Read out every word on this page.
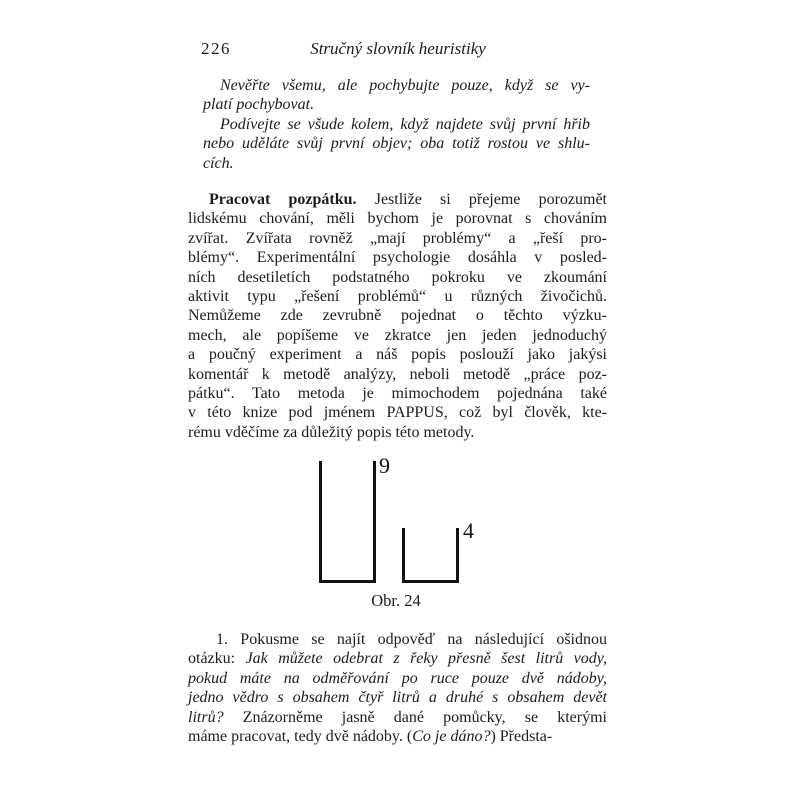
226	Stručný slovník heuristiky
Nevěřte všemu, ale pochybujte pouze, když se vy-
platí pochybovat.
Podívejte se všude kolem, když najdete svůj první hřib
nebo uděláte svůj první objev; oba totiž rostou ve shlu-
cích.
Pracovat pozpátku. Jestliže si přejeme porozumět
lidskému chování, měli bychom je porovnat s chováním
zvířat. Zvířata rovněž „mají problémy“ a „řeší pro-
blémy“. Experimentální psychologie dosáhla v posled-
ních desetiletích podstatného pokroku ve zkoumání
aktivit typu „řešení problémů“ u různých živočichů.
Nemůžeme zde zevrubně pojednat o těchto výzku-
mech, ale popíšeme ve zkratce jen jeden jednoduchý
a poučný experiment a náš popis poslouží jako jakýsi
komentář k metodě analýzy, neboli metodě „práce poz-
pátku“. Tato metoda je mimochodem pojednána také
v této knize pod jménem PAPPUS, což byl člověk, kte-
rému vděčíme za důležitý popis této metody.
9
4
Obr. 24
1. Pokusme se najít odpověď na následující ošidnou
otázku: Jak můžete odebrat z řeky přesně šest litrů vody,
pokud máte na odměřování po ruce pouze dvě nádoby,
jedno vědro s obsahem čtyř litrů a druhé s obsahem devět
litrů? Znázorněme jasně dané pomůcky, se kterými
máme pracovat, tedy dvě nádoby. (Co je dáno?) Předsta-
